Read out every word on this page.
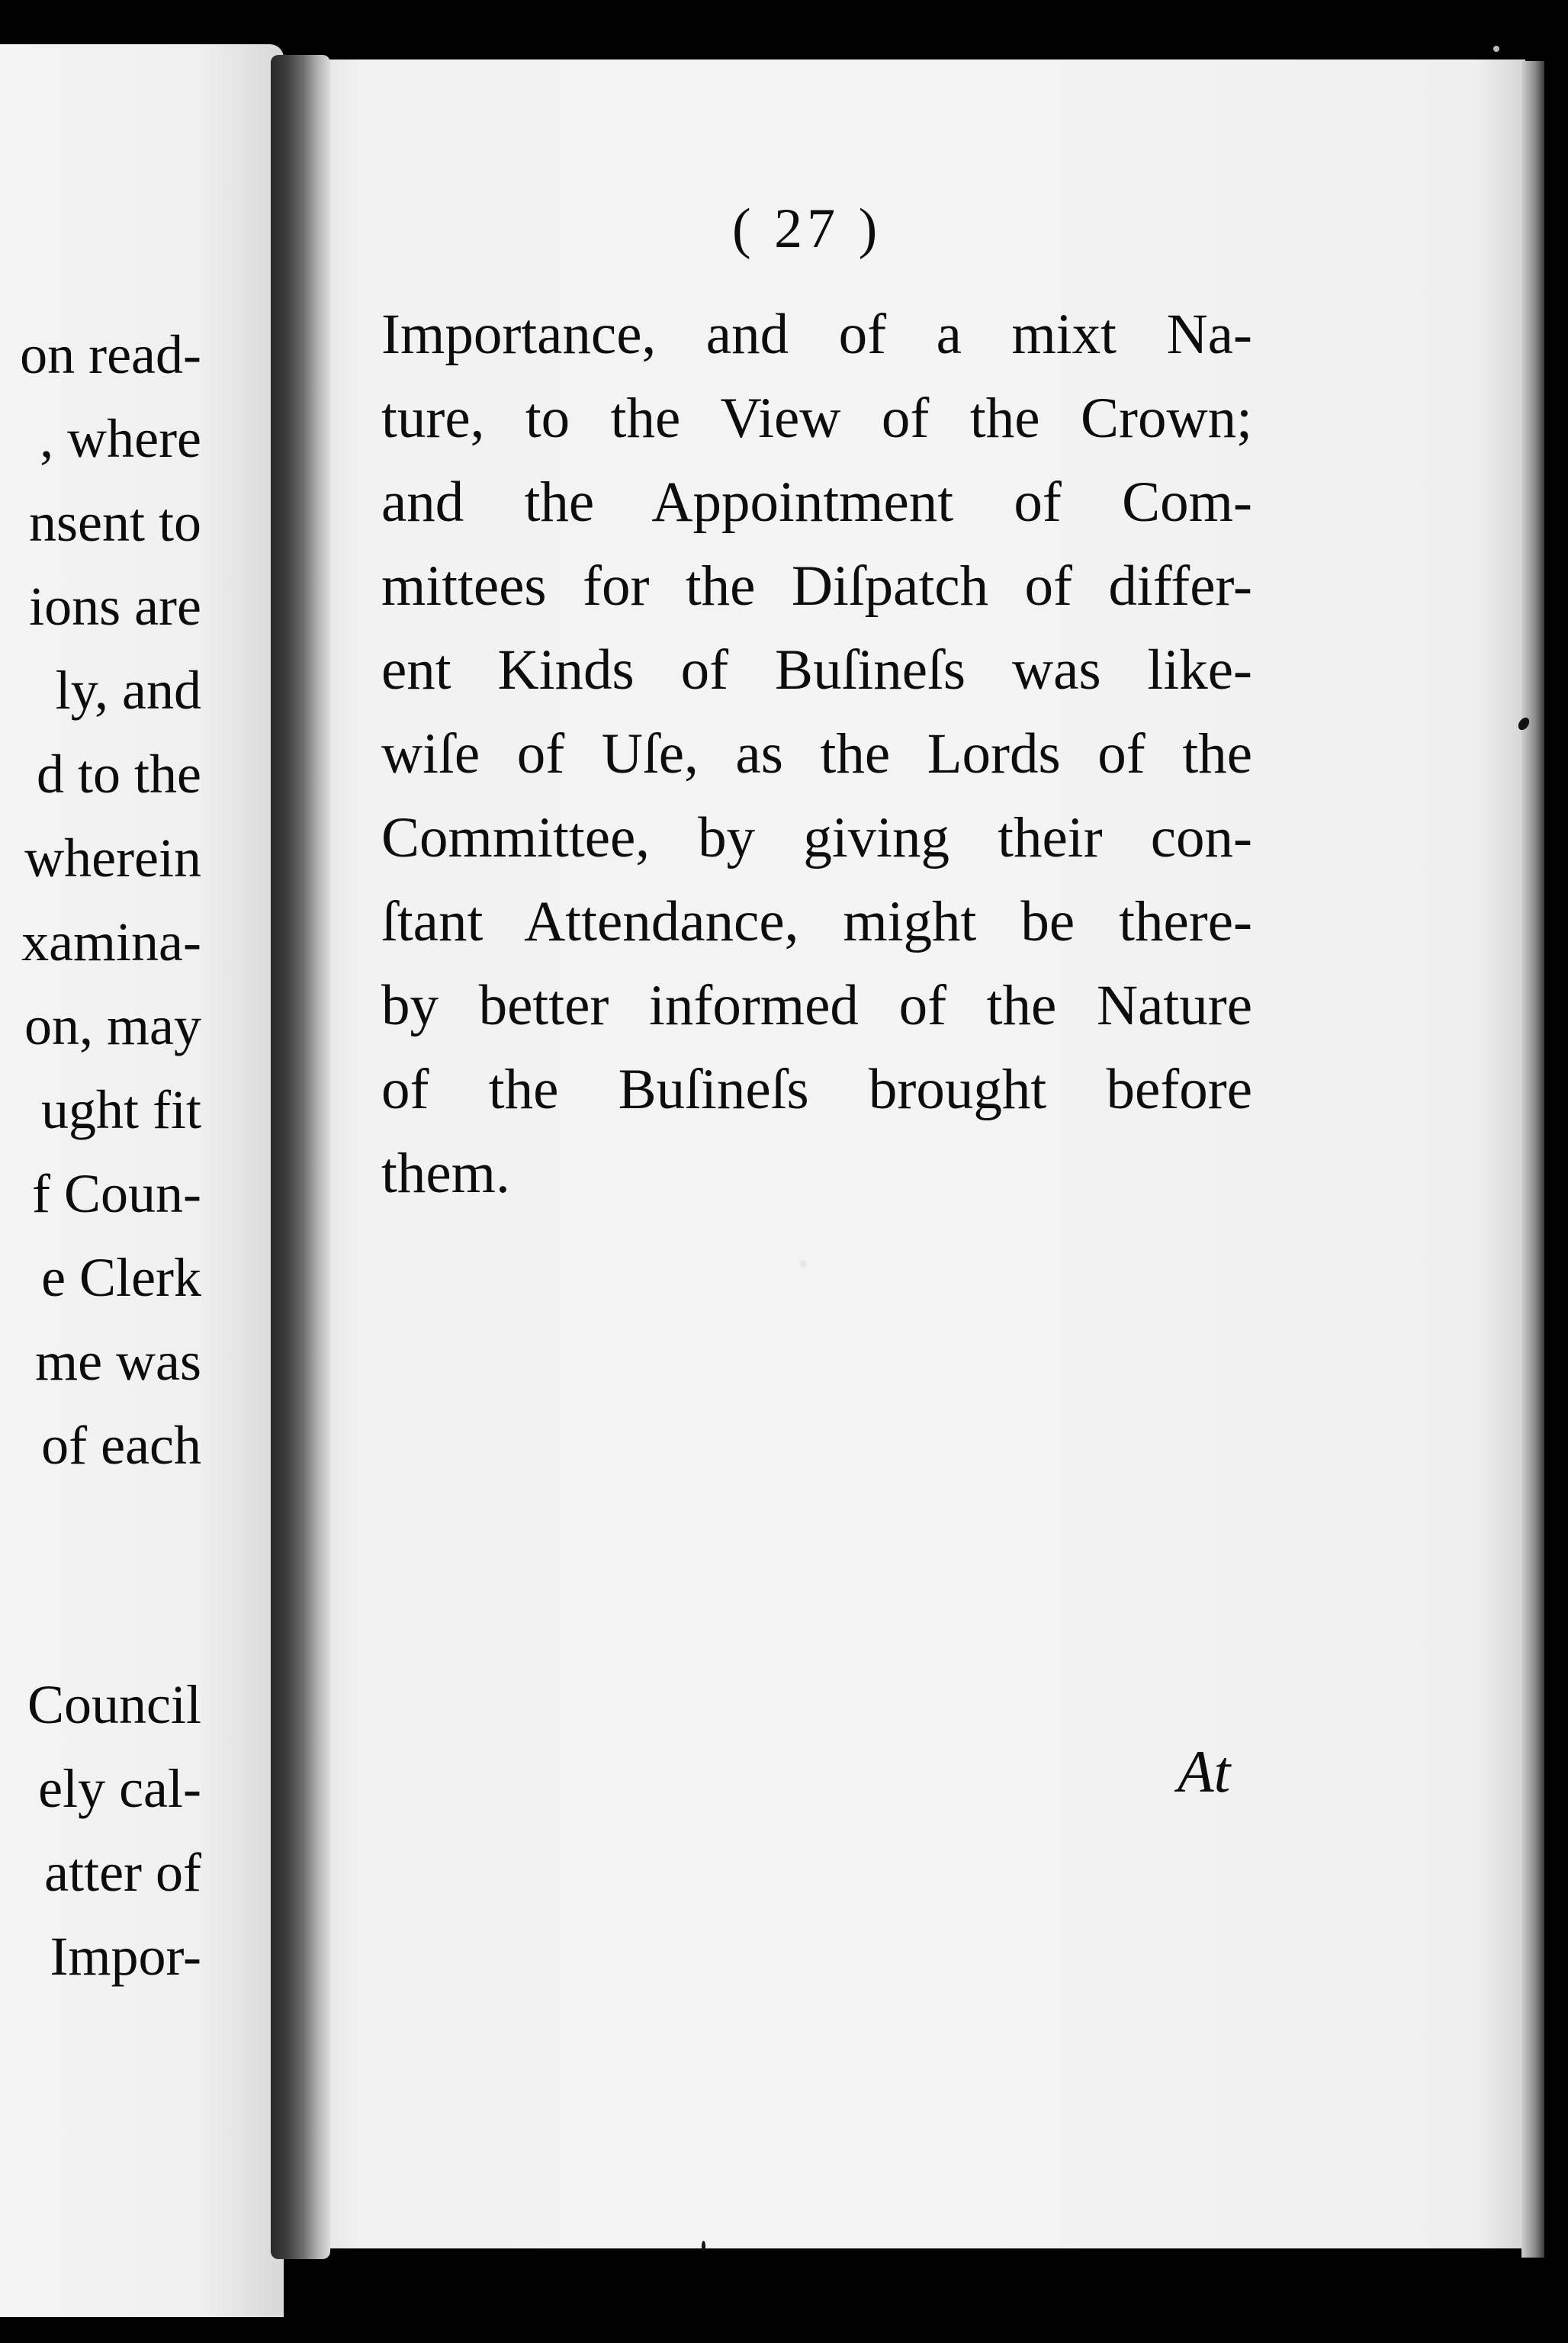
on read-
, where
nsent to
ions are
ly, and
d to the
wherein
xamina-
on, may
ught fit
f Coun-
e Clerk
me was
of each
Council
ely cal-
atter of
Impor-
( 27 )
Importance, and of a mixt Na-
ture, to the View of the Crown;
and the Appointment of Com-
mittees for the Diſpatch of differ-
ent Kinds of Buſineſs was like-
wiſe of Uſe, as the Lords of the
Committee, by giving their con-
ſtant Attendance, might be there-
by better informed of the Nature
of the Buſineſs brought before
them.
At
